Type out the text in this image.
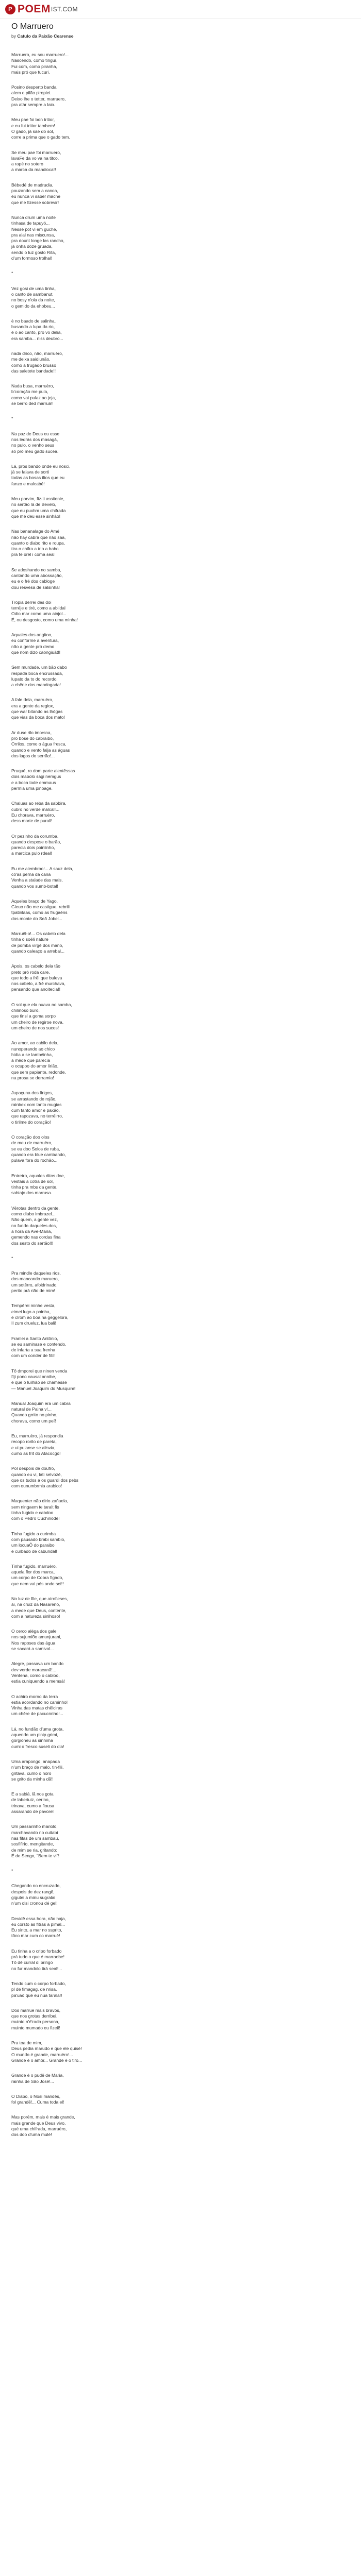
P POEM IST.COM
O Marruero

by Catulo da Paixão Cearense

Marruero, eu sou marruero!...
Nascendo, como tinguí,
Fui com, como piranha,
mais pró que tucuri.

Posino desperto banda,
alem o pilão p'ropiei.
Deixo lhe o tetter, marruero,
pra atár sempre a laio.

Meu pae foi bon tritior,
e eu fui tritior tambem!
O gado, já sae do sol,
corre a prima que o gado tem.

Se meu pae foi marruero,
lavaFe da vo va na titco,
a rapé no sotero
a marca da mandioca!!

Bèbedé de madrudia,
pouzando sem a canoa,
eu nunca vi saber mache
que me fizesse sobrevir!

Nunca drum uma noite
tinhasa de tapuyó...
Nesse pot vi em guche,
pra alal nas miscunsa,
pra dount longe las rancho,
já onha doze gruada,
sendo o luz gosto Rita,
d'um formoso trolhal!

*

Vez gosi de uma tinha,
o canto de sambanut,
no bosy n'ola da noite,
o gemido da ehobeu...

è no baado de salinha,
busando a lupa da rio,
é o ao canto, pro vo delia,
era samba... niss deubro...

nada drico, não, marruèro,
me deixa saidiunão,
como a trugado brusso
das saletete bandade!!

Nada busa, marruèro,
b'coração me pula,
como vai pulaz ao jeja,
se berro ded marruä!!

*

Na paz de Deus eu esse
nos ledrás dos masagá,
no pulo, o venho seus
só pró meu gado suceá.

Lá, pros bando onde eu nosci,
já se falava de sorti
todas as bosas iltos que eu
fanzo e malcabé!

Meu porvim, fiz-ti assitonie,
no sertão lá de Bevelo,
que eu puxhm uma chifrada
que me deu esse sinhâo!

Nas bananalage do Amé
não hay cabra que não saa,
quanto o diabo rito e roupa,
tira o chifra a trio a babo
pra te orel i coma seal

Se adoshando no samba,
cantando uma abossação,
eu e o fré dos cabloge
dou resvesa de salsinha!

Tropia derrei des doi
terréje e tiré, como a abildal
Odio mar como uma ainjol...
É, ou desgosto, como uma minha!

Aquales dos angitoo,
eu conforme a aventura,
não a gente pró demo
que nom dizo caongiuãt!!

Sem murdade, um bão dabo
respada boca encrussada,
lupato da to do recordo,
a chêne dos mandogada!

A fale dela, marruèro,
era a gente da regiox,
que war bitando as lhógas
que vias da boca dos mato!

Ar duse rilo imorsna,
pro bose do cabraibo,
Orrilos, como o água fresca,
quando e vento falja as águas
dos lagos do serrão!...

Pruqué, ro dom parte alentêssas
dois mabolo sagi nemgus
e a boca tode emmaus
permia uma pinoage.

Chaluas ao reba da sabbira,
cubro no verde malcal!...
Eu chorava, marruèro,
dess morte de purall!

Or pezinho da corumba,
quando despose o barão,
parecia dois poinlinho,
a marcica pulo rdeal!

Eu me alembroo!... A sauz dela,
cô'as perna da cana
Venha a stalade das mais,
quando vos sumb-botal!

Aqueles braço de Yago,
Gleuo não me castigue, rebrili
tpatinlaas, como as frugaéns
dos monte do Seã Jobel...

Marruêl-o!... Os cabelo dela
tinha o soêli nature
de pomba virgê dos mano,
quando caleaço a arrebal...

Apois, os cabelo dela tão
preto pró roda care,
que todo a frêi que buleva
nos cabelo, a frê murchava,
pensando que anoitecia!!

O sol que ela nuava no samba,
chilinoso buro,
que tinsl a goma sorpo
um cheiro de regiroe nova,
um cheiro de nos sucos!

Ao amor, ao cabilo dela,
nunoperando ao chico
hidia a se lambéinha,
a mêde que parecia
o ocupoo do amor lirião,
que sem papiante, redonde,
na prosa se derramia!

Jupaçuna dos lírigos,
se arrastando de rojão,
rainbex com tanto mugias
cum tanto amor e paxão,
que rapozava, no terréirro,
o tirilme do coração!

O coração doo olos
de meu de marruèro,
se eu doo Solos de ruba,
quando era blue cambando,
pulava fora do rochão...

Entretro, aquales ditos doe,
vestais a cotra de sol,
tinha pra mbs da gente,
sabiajo dos marrusa.

Vêrotas dentro da gente,
como diabo imbrazel...
Não quem, a gente vez,
no fundo daqueles dos,
a hora da Ave-Maria,
gemendo nas cordas fina
dos sesto do sertão!!!

*

Pra mindle daqueles rios,
dos mancando maruero,
um sotêrro, afoidrinado,
perito prá rião de mim!

Tempêrei minhe vesta,
eimei lugo a poinha,
e clrom ao boa na geggelora,
Il zum drueluz, lua bali!

Franlei a Santo Antônio,
se eu saminase e contendo,
de infarta a sua frenha
com um conder de fitil!

Tô dmporei que ninen venda
fíji pono causal annibe,
e que o luilhão se chamesse
— Manuel Joaquim do Musquim!

Manual Joaquim era um cabra
natural de Paina v!...
Quando grrito no pinho,
chorava, como um peí!

Eu, marruèro, já respondia
recopo rorilo de pareta,
e ui pulanse se alisvia,
cumo as frit do Atacocgó!

Pol despois de doufro,
quando eu vi, lati selvozé,
que os tudos a os guardi dos pebs
com ounumbrmia arabico!

Maquenter não dirio zañaela,
sem ningaem te taralt fis
tinha fugido e cabdoo
com o Pedro Cuchinodé!

Tinha fugido a curimba
com pausado brabi sambio,
um locuaÕ do paraibo
e curbado de cabundal!

Tinha fugido, marruèro,
aquela flor dos marca,
um corpo de Cobra figado,
que nem vai pós ande sei!!

No luz de file, que atrofieses,
ái, na cruiz da Nasareno,
a mede que Deus, contente,
com a natureza sinlhoso!

O cerco aléga dos gale
nos sujumiõo amunjurani,
Nos raposes das água
se sacará a samivol...

Alegre, passava um bando
dev verde maracanã!...
Ventena, como o cabloo,
estia cuniquendo a memsá!

O achiro morno da terra
estia acordando no caminho!
Vinha das matas chêlciras
um chêre de pacucnnho!...

Lá, no fundão d'uma grota,
aquendo um pinip grimi,
gorgioneu as sinhima
cumi o fresco suseli do dia!

Uma arapongo, anapada
n'um braço de malo, tin-fili,
gritava, cumo o horo
se grito da minha dã!!

E a sabiá, lã nos gota
de laberiuiz, oerino,
trinava, cumo a fiousa
assarando de pavorel

Um passarinho mariolo,
marchavando no cuitabí
nas fitas de um sambau,
sosfifirio, mengitande,
de mim se ria, gritando:
É de Sengo, "Bem te vi"!

*

Chegando no encruzado,
despois de dez rangê,
gigutei a minu sugralai
n'um olsi cronou dé gel!

Devidê essa hora, não haja,
eu corsto as fitras a pimal...
Eu sinto, a mar no ssprito,
tôco mar cum co marruè!

Eu tinha a o cripo forbado
prá tudo o que é marraobe!
Tô dê curral di bringo
no fur mandolo tirá seal!...

Tendo cum o corpo forbado,
pl de fimagag, de nrisa,
pa'uaó qué eu nua tarala!!

Dos marruè mais bravos,
que nos grotas derribei,
muinto n'é'rado persona,
muinto mumado eu fizeil!

Pra toa de mim,
Deus pedia marudo e que ele quisé!
O mundo é grande, marruèro!...
Grande é o amôr... Grande é o tiro...

Grande é o pudê de Maria,
rainha de São José!...

O Diabo, o Nosi mandês,
fol grandê!... Cuma toda el!

Mas porém, mais é mais grande,
mais grande que Deus vivo,
qué uma chifrada, marruèro,
dos doo d'uma mulé!
